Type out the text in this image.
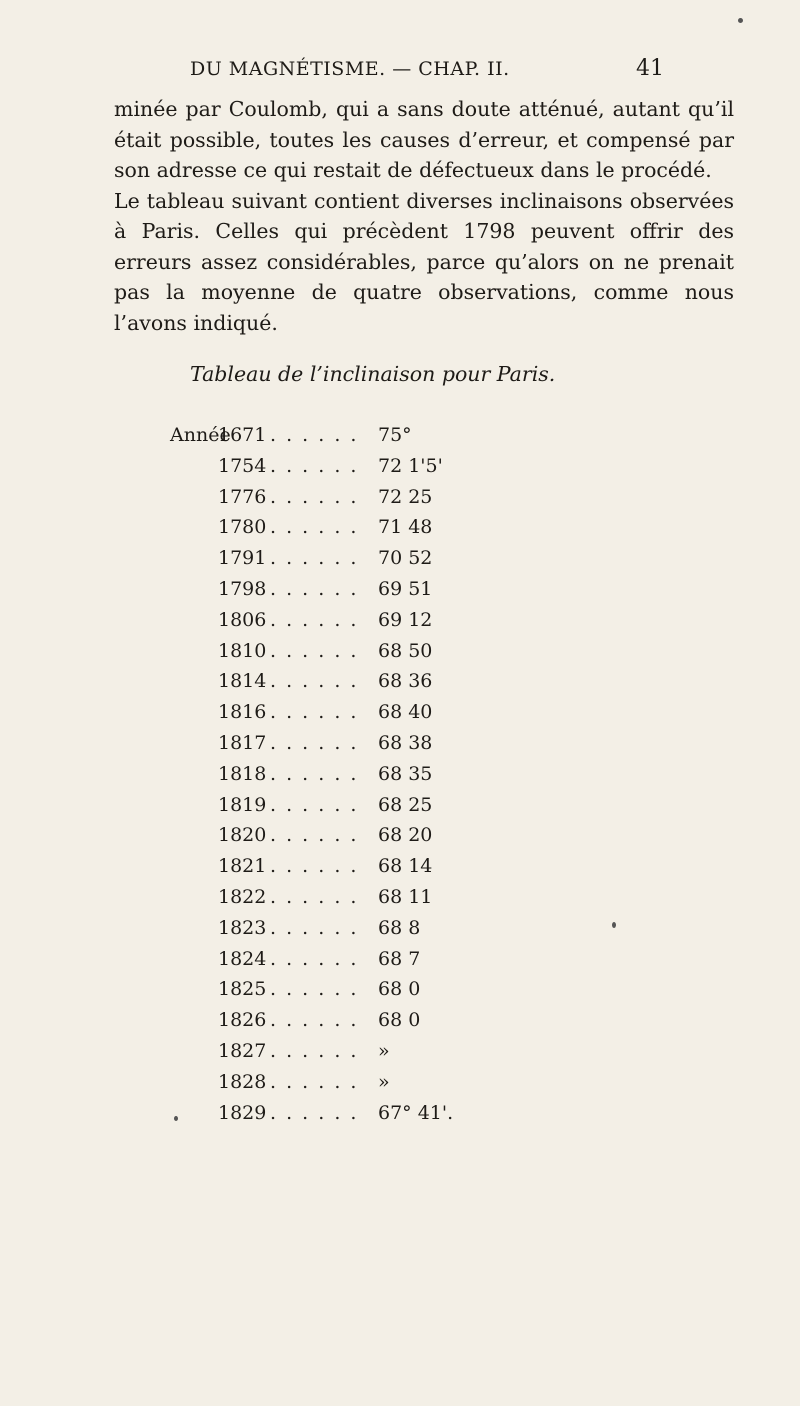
DU MAGNÉTISME. — CHAP. II.	41

minée par Coulomb, qui a sans doute atténué, autant qu’il était possible, toutes les causes d’erreur, et compensé par son adresse ce qui restait de défectueux dans le procédé.

Le tableau suivant contient diverses inclinaisons observées à Paris. Celles qui précèdent 1798 peuvent offrir des erreurs assez considérables, parce qu’alors on ne prenait pas la moyenne de quatre observations, comme nous l’avons indiqué.

Tableau de l’inclinaison pour Paris.
Année
1671 . . . . . . 75°
1754 . . . . . . 72 1'5'
1776 . . . . . . 72 25
1780 . . . . . . 71 48
1791 . . . . . . 70 52
1798 . . . . . . 69 51
1806 . . . . . . 69 12
1810 . . . . . . 68 50
1814 . . . . . . 68 36
1816 . . . . . . 68 40
1817 . . . . . . 68 38
1818 . . . . . . 68 35
1819 . . . . . . 68 25
1820 . . . . . . 68 20
1821 . . . . . . 68 14
1822 . . . . . . 68 11
1823 . . . . . . 68 8
1824 . . . . . . 68 7
1825 . . . . . . 68 0
1826 . . . . . . 68 0
1827 . . . . . . »
1828 . . . . . . »
1829 . . . . . . 67° 41'.
